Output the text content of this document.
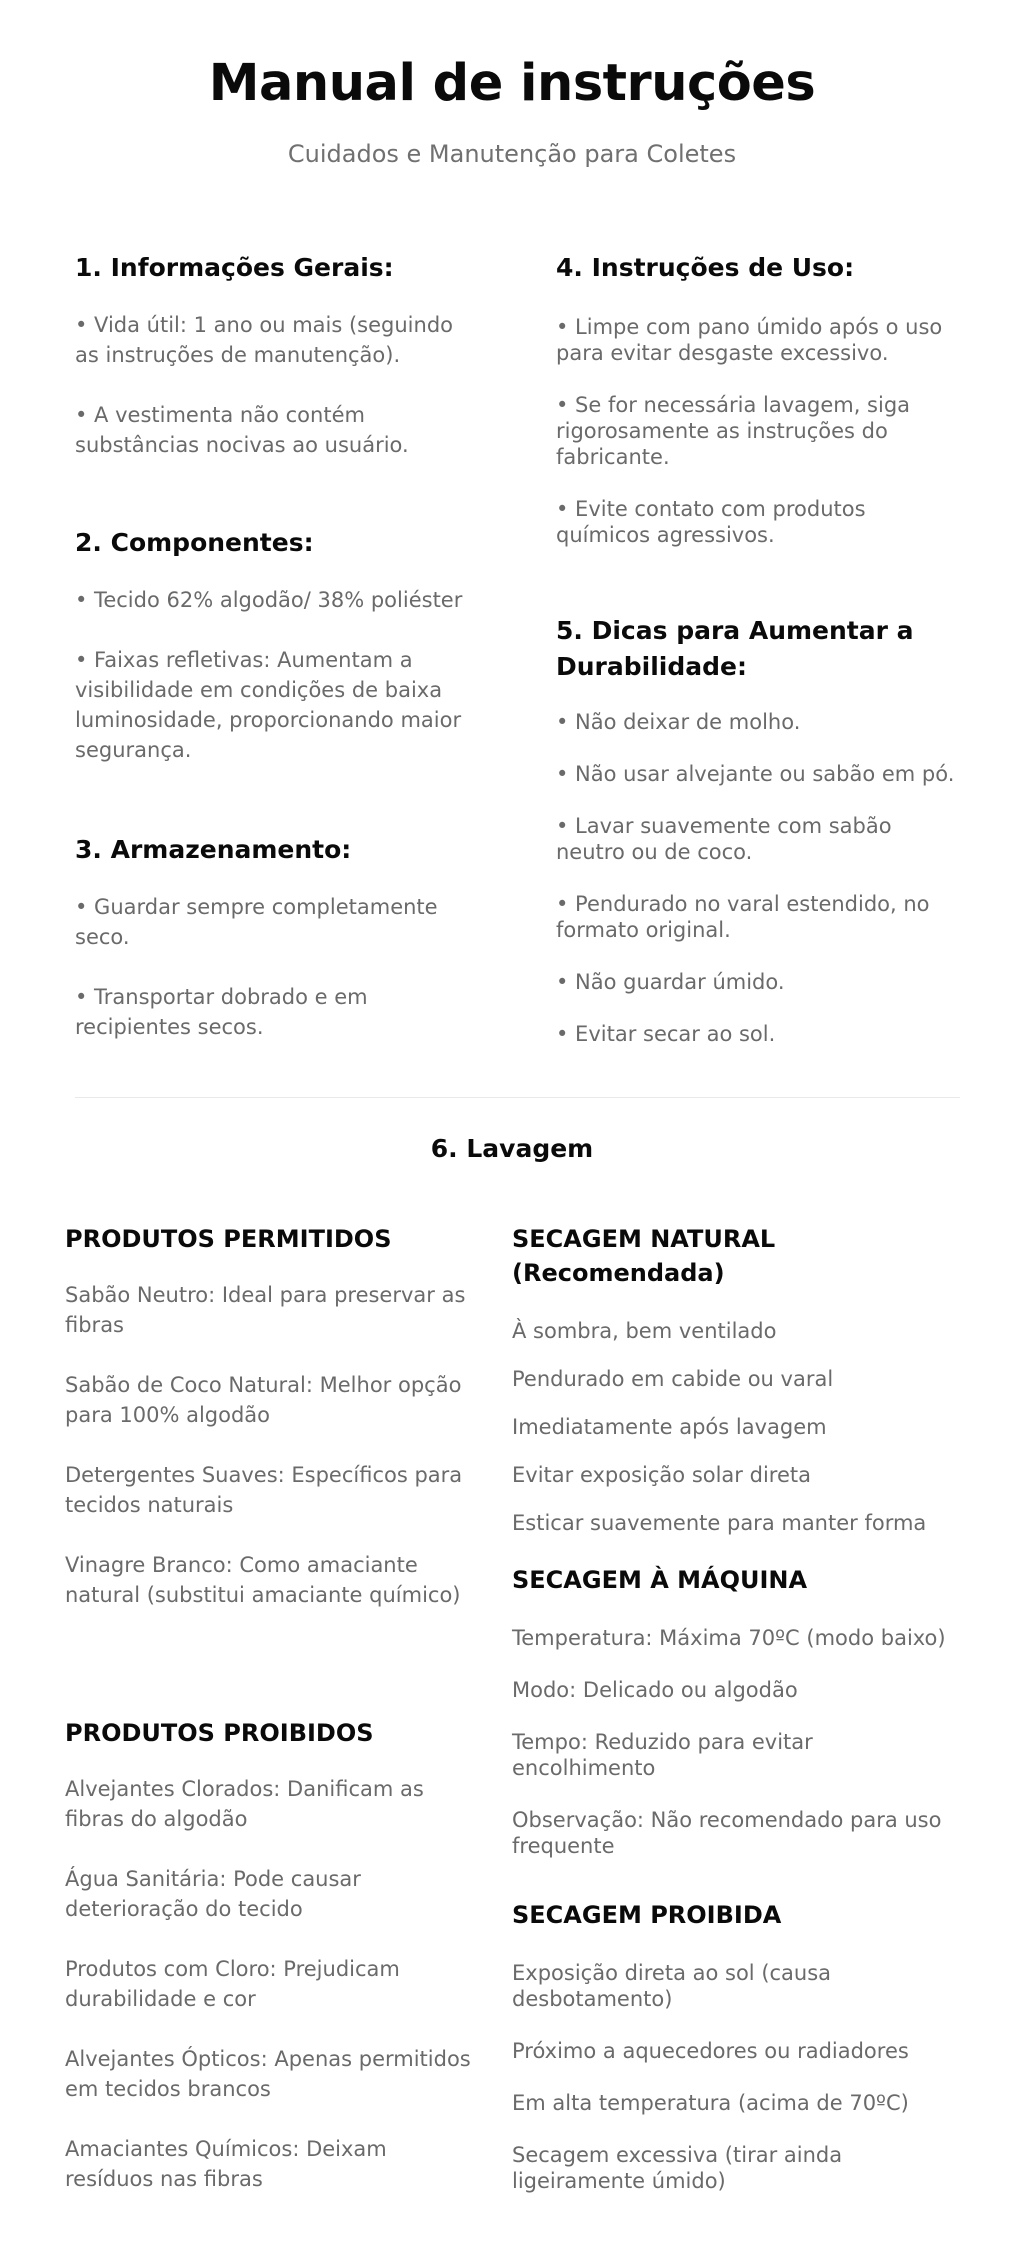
Manual de instruções
Cuidados e Manutenção para Coletes
1. Informações Gerais:

• Vida útil: 1 ano ou mais (seguindo as instruções de manutenção).

• A vestimenta não contém substâncias nocivas ao usuário.

2. Componentes:

• Tecido 62% algodão/ 38% poliéster

• Faixas refletivas: Aumentam a visibilidade em condições de baixa luminosidade, proporcionando maior segurança.

3. Armazenamento:

• Guardar sempre completamente seco.

• Transportar dobrado e em recipientes secos.

4. Instruções de Uso:

• Limpe com pano úmido após o uso para evitar desgaste excessivo.

• Se for necessária lavagem, siga rigorosamente as instruções do fabricante.

• Evite contato com produtos químicos agressivos.

5. Dicas para Aumentar a Durabilidade:

• Não deixar de molho.

• Não usar alvejante ou sabão em pó.

• Lavar suavemente com sabão neutro ou de coco.

• Pendurado no varal estendido, no formato original.

• Não guardar úmido.

• Evitar secar ao sol.

6. Lavagem
PRODUTOS PERMITIDOS

Sabão Neutro: Ideal para preservar as fibras

Sabão de Coco Natural: Melhor opção para 100% algodão

Detergentes Suaves: Específicos para tecidos naturais

Vinagre Branco: Como amaciante natural (substitui amaciante químico)

PRODUTOS PROIBIDOS

Alvejantes Clorados: Danificam as fibras do algodão

Água Sanitária: Pode causar deterioração do tecido

Produtos com Cloro: Prejudicam durabilidade e cor

Alvejantes Ópticos: Apenas permitidos em tecidos brancos

Amaciantes Químicos: Deixam resíduos nas fibras

SECAGEM NATURAL (Recomendada)

À sombra, bem ventilado

Pendurado em cabide ou varal

Imediatamente após lavagem

Evitar exposição solar direta

Esticar suavemente para manter forma

SECAGEM À MÁQUINA

Temperatura: Máxima 70ºC (modo baixo)

Modo: Delicado ou algodão

Tempo: Reduzido para evitar encolhimento

Observação: Não recomendado para uso frequente

SECAGEM PROIBIDA

Exposição direta ao sol (causa desbotamento)

Próximo a aquecedores ou radiadores

Em alta temperatura (acima de 70ºC)

Secagem excessiva (tirar ainda ligeiramente úmido)
